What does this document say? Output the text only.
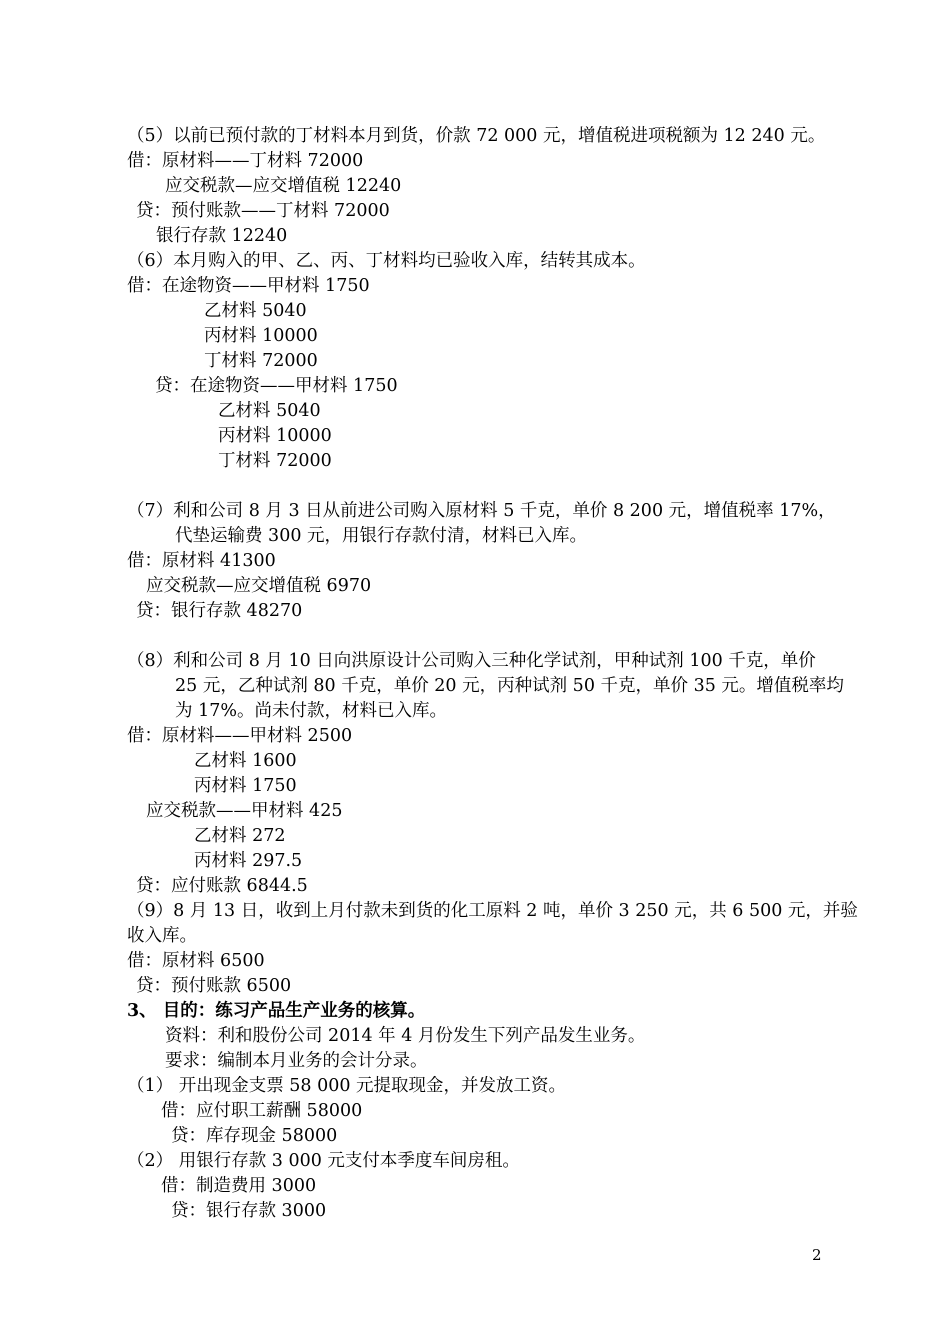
（5）以前已预付款的丁材料本月到货，价款 72 000 元，增值税进项税额为 12 240 元。
借：原材料——丁材料 72000
应交税款—应交增值税 12240
贷：预付账款——丁材料 72000
银行存款 12240
（6）本月购入的甲、乙、丙、丁材料均已验收入库，结转其成本。
借：在途物资——甲材料 1750
乙材料 5040
丙材料 10000
丁材料 72000
贷：在途物资——甲材料 1750
乙材料 5040
丙材料 10000
丁材料 72000
（7）利和公司 8 月 3 日从前进公司购入原材料 5 千克，单价 8 200 元，增值税率 17%，
代垫运输费 300 元，用银行存款付清，材料已入库。
借：原材料 41300
应交税款—应交增值税 6970
贷：银行存款 48270
（8）利和公司 8 月 10 日向洪原设计公司购入三种化学试剂，甲种试剂 100 千克，单价
25 元，乙种试剂 80 千克，单价 20 元，丙种试剂 50 千克，单价 35 元。增值税率均
为 17%。尚未付款，材料已入库。
借：原材料——甲材料 2500
乙材料 1600
丙材料 1750
应交税款——甲材料 425
乙材料 272
丙材料 297.5
贷：应付账款 6844.5
（9）8 月 13 日，收到上月付款未到货的化工原料 2 吨，单价 3 250 元，共 6 500 元，并验
收入库。
借：原材料 6500
贷：预付账款 6500
3、 目的：练习产品生产业务的核算。
资料：利和股份公司 2014 年 4 月份发生下列产品发生业务。
要求：编制本月业务的会计分录。
（1） 开出现金支票 58 000 元提取现金，并发放工资。
借：应付职工薪酬 58000
贷：库存现金 58000
（2） 用银行存款 3 000 元支付本季度车间房租。
借：制造费用 3000
贷：银行存款 3000
2
